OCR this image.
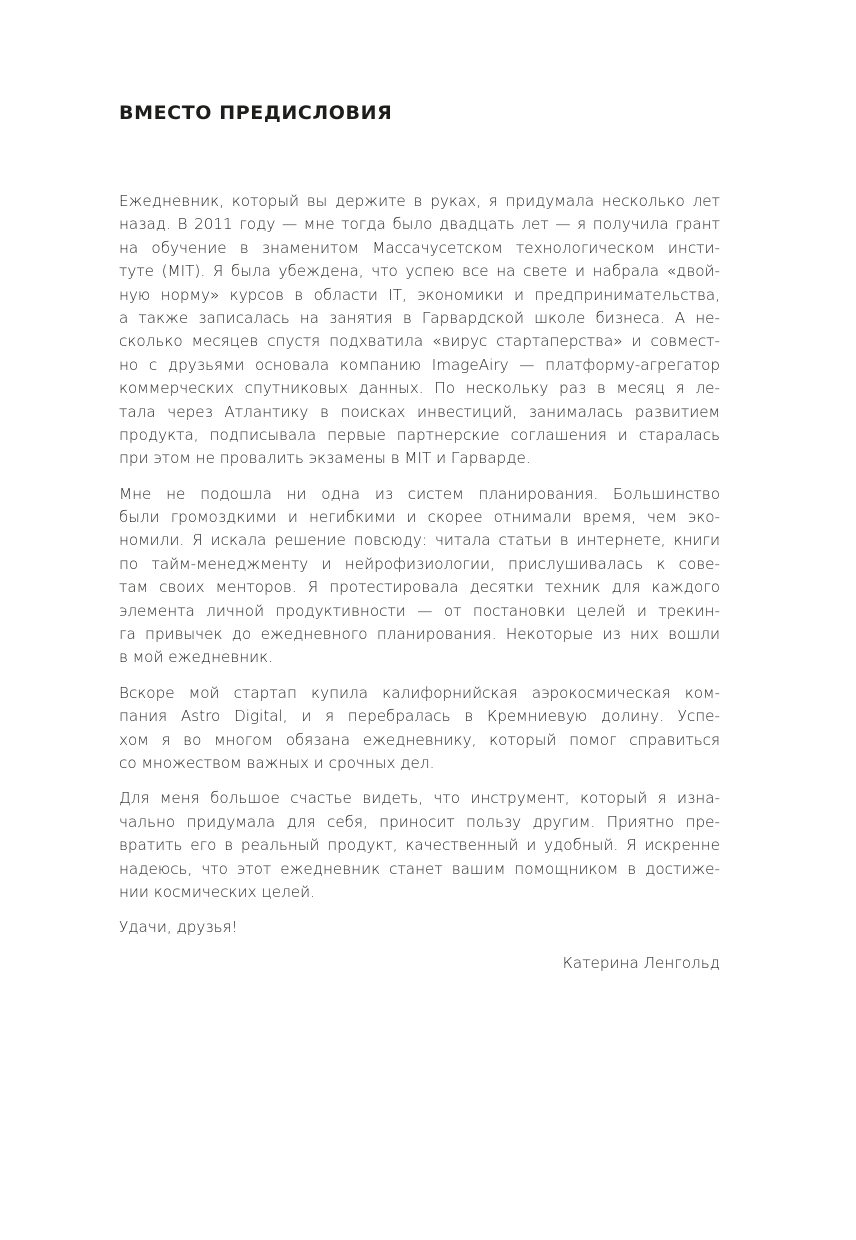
ВМЕСТО ПРЕДИСЛОВИЯ
Ежедневник, который вы держите в руках, я придумала несколько лет
назад. В 2011 году — мне тогда было двадцать лет — я получила грант
на обучение в знаменитом Массачусетском технологическом инсти-
туте (MIT). Я была убеждена, что успею все на свете и набрала «двой-
ную норму» курсов в области IT, экономики и предпринимательства,
а также записалась на занятия в Гарвардской школе бизнеса. А не-
сколько месяцев спустя подхватила «вирус стартаперства» и совмест-
но с друзьями основала компанию ImageAiry — платформу-агрегатор
коммерческих спутниковых данных. По нескольку раз в месяц я ле-
тала через Атлантику в поисках инвестиций, занималась развитием
продукта, подписывала первые партнерские соглашения и старалась
при этом не провалить экзамены в MIT и Гарварде.
Мне не подошла ни одна из систем планирования. Большинство
были громоздкими и негибкими и скорее отнимали время, чем эко-
номили. Я искала решение повсюду: читала статьи в интернете, книги
по тайм-менеджменту и нейрофизиологии, прислушивалась к сове-
там своих менторов. Я протестировала десятки техник для каждого
элемента личной продуктивности — от постановки целей и трекин-
га привычек до ежедневного планирования. Некоторые из них вошли
в мой ежедневник.
Вскоре мой стартап купила калифорнийская аэрокосмическая ком-
пания Astro Digital, и я перебралась в Кремниевую долину. Успе-
хом я во многом обязана ежедневнику, который помог справиться
со множеством важных и срочных дел.
Для меня большое счастье видеть, что инструмент, который я изна-
чально придумала для себя, приносит пользу другим. Приятно пре-
вратить его в реальный продукт, качественный и удобный. Я искренне
надеюсь, что этот ежедневник станет вашим помощником в достиже-
нии космических целей.
Удачи, друзья!

Катерина Ленгольд
